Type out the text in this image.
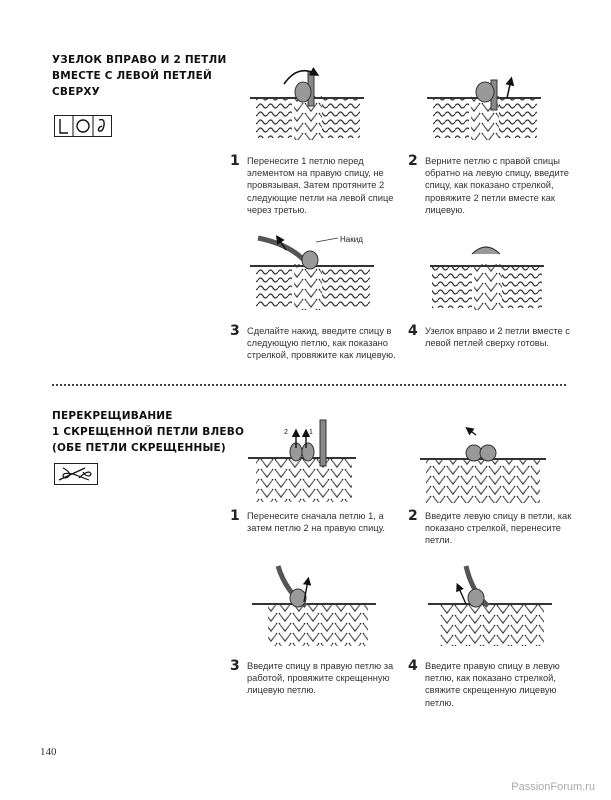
УЗЕЛОК ВПРАВО И 2 ПЕТЛИ
ВМЕСТЕ С ЛЕВОЙ ПЕТЛЕЙ
СВЕРХУ
1 Перенесите 1 петлю перед элементом на правую спицу, не провязывая. Затем протяните 2 следующие петли на левой спице через третью.
2 Верните петлю с правой спицы обратно на левую спицу, введите спицу, как показано стрелкой, провяжите 2 петли вместе как лицевую.
Накид
3 Сделайте накид, введите спицу в следующую петлю, как показано стрелкой, провяжите как лицевую.
4 Узелок вправо и 2 петли вместе с левой петлей сверху готовы.
ПЕРЕКРЕЩИВАНИЕ
1 СКРЕЩЕННОЙ ПЕТЛИ ВЛЕВО
(ОБЕ ПЕТЛИ СКРЕЩЕННЫЕ)
2	1
1 Перенесите сначала петлю 1, а затем петлю 2 на правую спицу.
2 Введите левую спицу в петли, как показано стрелкой, перенесите петли.
3 Введите спицу в правую петлю за работой, провяжите скрещенную лицевую петлю.
4 Введите правую спицу в левую петлю, как показано стрелкой, свяжите скрещенную лицевую петлю.
140
PassionForum.ru
